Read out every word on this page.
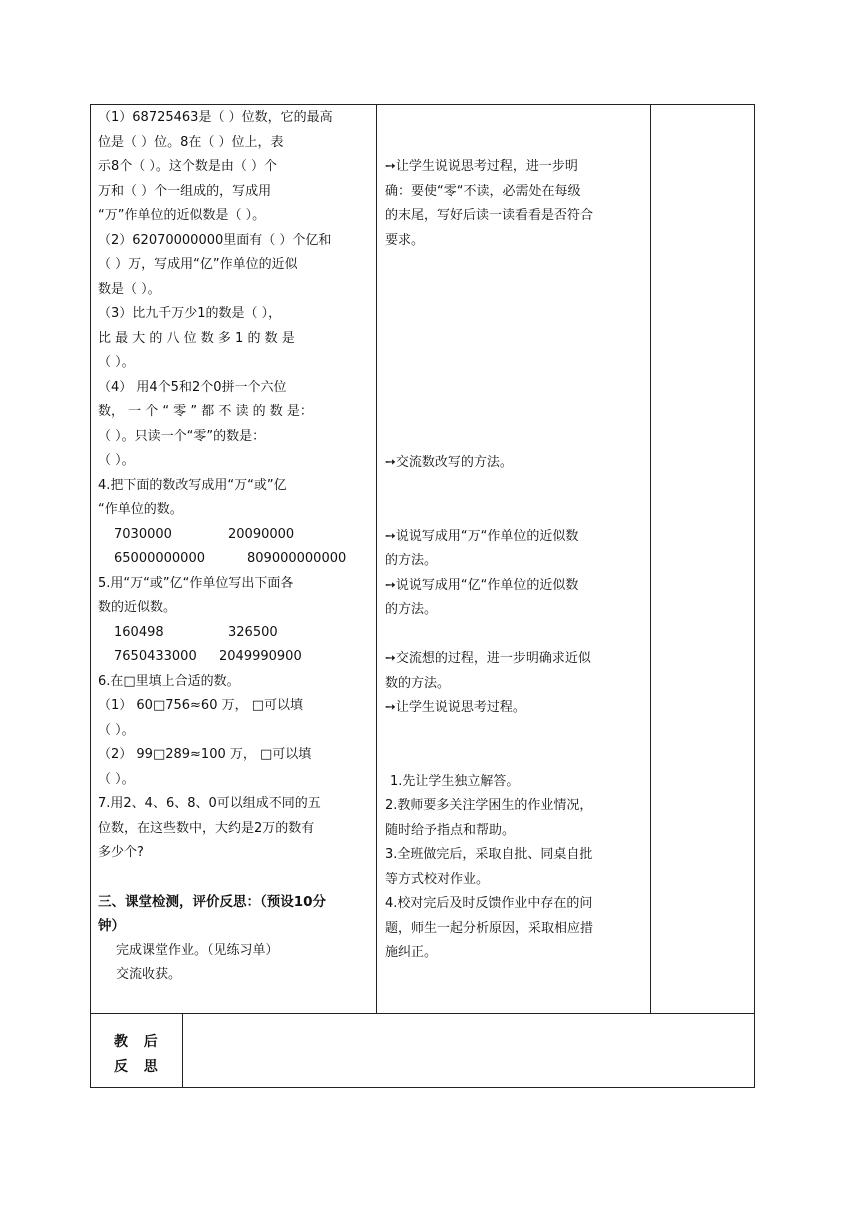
（1）68725463是（ ）位数，它的最高
位是（ ）位。8在（ ）位上，表
示8个（ ）。这个数是由（ ）个
万和（ ）个一组成的，写成用
“万”作单位的近似数是（ ）。
（2）62070000000里面有（ ）个亿和
（ ）万，写成用“亿”作单位的近似
数是（ ）。
（3）比九千万少1的数是（ ），
比 最 大 的 八 位 数 多 1 的 数 是
（ ）。
（4） 用4个5和2个0拼一个六位
数， 一 个 “ 零 ” 都 不 读 的 数 是：
（ ）。只读一个“零”的数是：
（ ）。
4.把下面的数改写成用“万“或”亿
“作单位的数。
7030000	20090000
65000000000	809000000000
5.用“万“或”亿“作单位写出下面各
数的近似数。
160498	326500
7650433000 2049990900
6.在□里填上合适的数。
（1） 60□756≈60 万， □可以填
（ ）。
（2） 99□289≈100 万， □可以填
（ ）。
7.用2、4、6、8、0可以组成不同的五
位数，在这些数中，大约是2万的数有
多少个?
三、课堂检测，评价反思：（预设10分
钟）
完成课堂作业。（见练习单）
交流收获。
➙让学生说说思考过程，进一步明
确：要使“零“不读，必需处在每级
的末尾，写好后读一读看看是否符合
要求。
➙交流数改写的方法。
➙说说写成用“万“作单位的近似数
的方法。
➙说说写成用“亿“作单位的近似数
的方法。
➙交流想的过程，进一步明确求近似
数的方法。
➙让学生说说思考过程。
1.先让学生独立解答。
2.教师要多关注学困生的作业情况，
随时给予指点和帮助。
3.全班做完后，采取自批、同桌自批
等方式校对作业。
4.校对完后及时反馈作业中存在的问
题，师生一起分析原因，采取相应措
施纠正。
教  后
反  思
